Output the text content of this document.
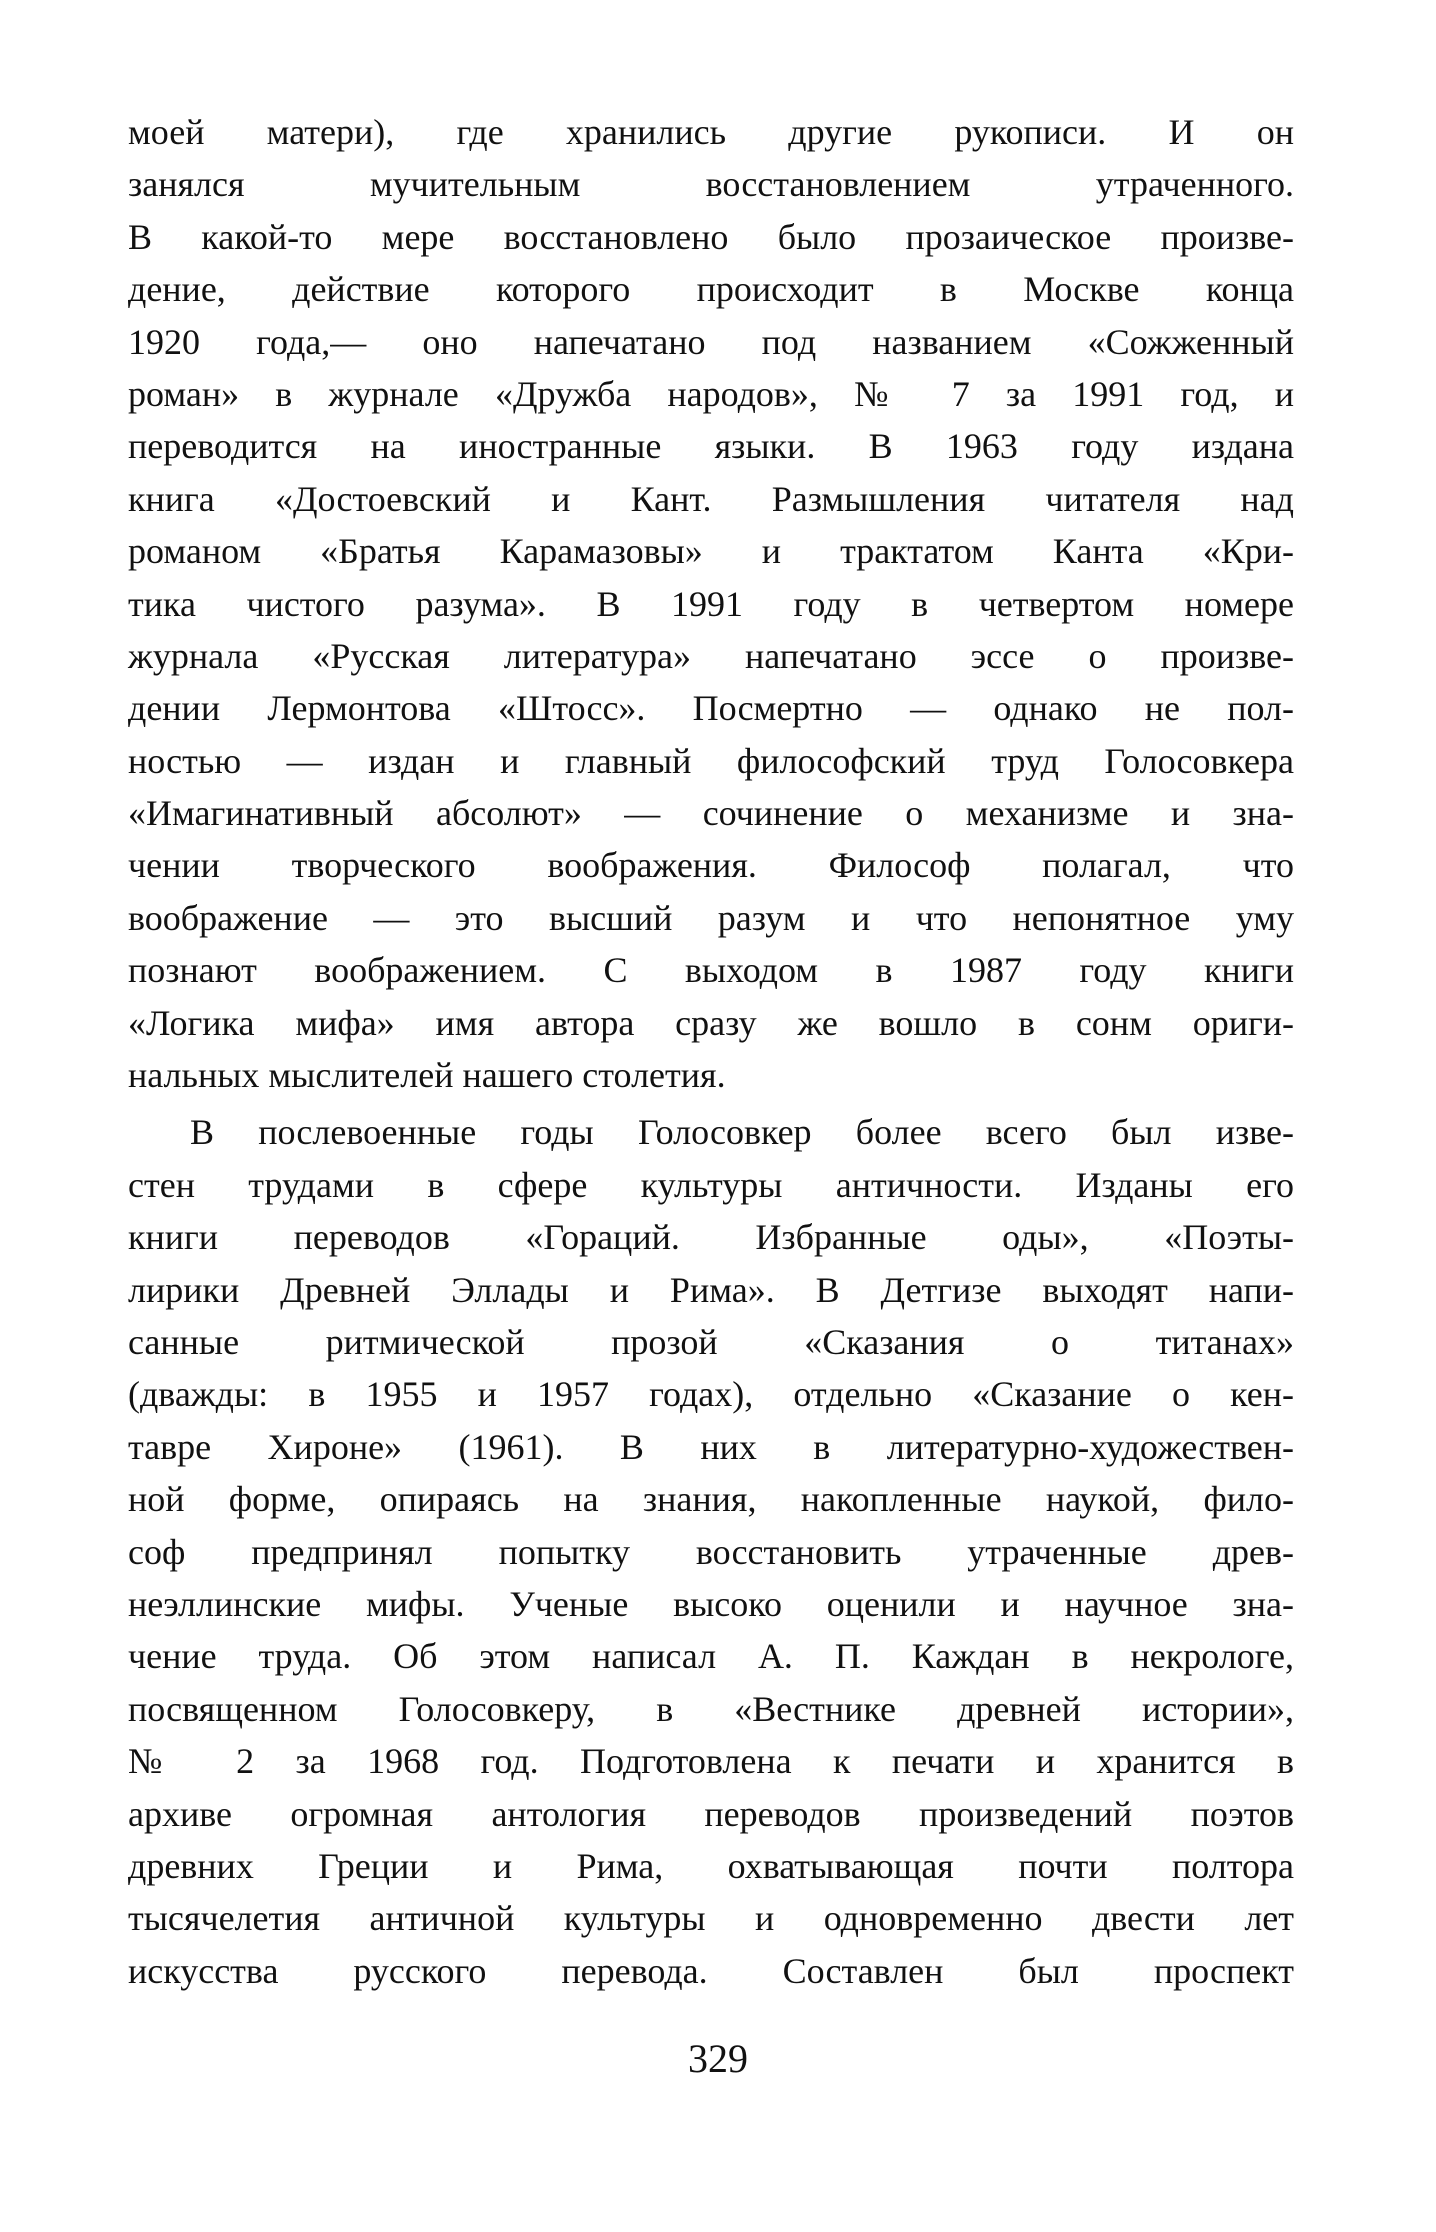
моей матери), где хранились другие рукописи. И он
занялся мучительным восстановлением утраченного.
В какой-то мере восстановлено было прозаическое произве-
дение, действие которого происходит в Москве конца
1920 года,— оно напечатано под названием «Сожженный
роман» в журнале «Дружба народов», № 7 за 1991 год, и
переводится на иностранные языки. В 1963 году издана
книга «Достоевский и Кант. Размышления читателя над
романом «Братья Карамазовы» и трактатом Канта «Кри-
тика чистого разума». В 1991 году в четвертом номере
журнала «Русская литература» напечатано эссе о произве-
дении Лермонтова «Штосс». Посмертно — однако не пол-
ностью — издан и главный философский труд Голосовкера
«Имагинативный абсолют» — сочинение о механизме и зна-
чении творческого воображения. Философ полагал, что
воображение — это высший разум и что непонятное уму
познают воображением. С выходом в 1987 году книги
«Логика мифа» имя автора сразу же вошло в сонм ориги-
нальных мыслителей нашего столетия.
В послевоенные годы Голосовкер более всего был изве-
стен трудами в сфере культуры античности. Изданы его
книги переводов «Гораций. Избранные оды», «Поэты-
лирики Древней Эллады и Рима». В Детгизе выходят напи-
санные ритмической прозой «Сказания о титанах»
(дважды: в 1955 и 1957 годах), отдельно «Сказание о кен-
тавре Хироне» (1961). В них в литературно-художествен-
ной форме, опираясь на знания, накопленные наукой, фило-
соф предпринял попытку восстановить утраченные древ-
неэллинские мифы. Ученые высоко оценили и научное зна-
чение труда. Об этом написал А. П. Каждан в некрологе,
посвященном Голосовкеру, в «Вестнике древней истории»,
№ 2 за 1968 год. Подготовлена к печати и хранится в
архиве огромная антология переводов произведений поэтов
древних Греции и Рима, охватывающая почти полтора
тысячелетия античной культуры и одновременно двести лет
искусства русского перевода. Составлен был проспект
329
